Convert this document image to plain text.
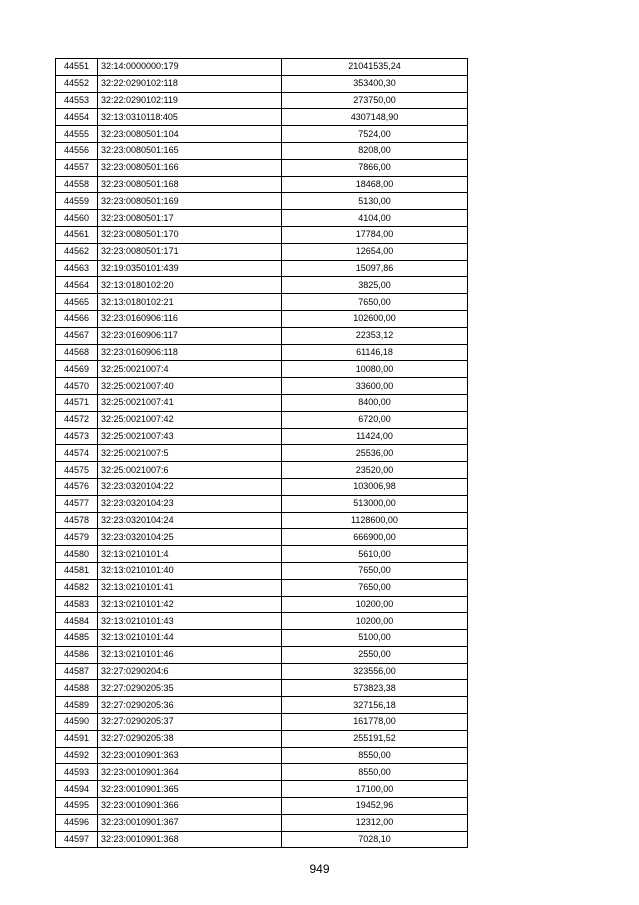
44551	32:14:0000000:179	21041535,24
44552	32:22:0290102:118	353400,30
44553	32:22:0290102:119	273750,00
44554	32:13:0310118:405	4307148,90
44555	32:23:0080501:104	7524,00
44556	32:23:0080501:165	8208,00
44557	32:23:0080501:166	7866,00
44558	32:23:0080501:168	18468,00
44559	32:23:0080501:169	5130,00
44560	32:23:0080501:17	4104,00
44561	32:23:0080501:170	17784,00
44562	32:23:0080501:171	12654,00
44563	32:19:0350101:439	15097,86
44564	32:13:0180102:20	3825,00
44565	32:13:0180102:21	7650,00
44566	32:23:0160906:116	102600,00
44567	32:23:0160906:117	22353,12
44568	32:23:0160906:118	61146,18
44569	32:25:0021007:4	10080,00
44570	32:25:0021007:40	33600,00
44571	32:25:0021007:41	8400,00
44572	32:25:0021007:42	6720,00
44573	32:25:0021007:43	11424,00
44574	32:25:0021007:5	25536,00
44575	32:25:0021007:6	23520,00
44576	32:23:0320104:22	103006,98
44577	32:23:0320104:23	513000,00
44578	32:23:0320104:24	1128600,00
44579	32:23:0320104:25	666900,00
44580	32:13:0210101:4	5610,00
44581	32:13:0210101:40	7650,00
44582	32:13:0210101:41	7650,00
44583	32:13:0210101:42	10200,00
44584	32:13:0210101:43	10200,00
44585	32:13:0210101:44	5100,00
44586	32:13:0210101:46	2550,00
44587	32:27:0290204:6	323556,00
44588	32:27:0290205:35	573823,38
44589	32:27:0290205:36	327156,18
44590	32:27:0290205:37	161778,00
44591	32:27:0290205:38	255191,52
44592	32:23:0010901:363	8550,00
44593	32:23:0010901:364	8550,00
44594	32:23:0010901:365	17100,00
44595	32:23:0010901:366	19452,96
44596	32:23:0010901:367	12312,00
44597	32:23:0010901:368	7028,10
949
